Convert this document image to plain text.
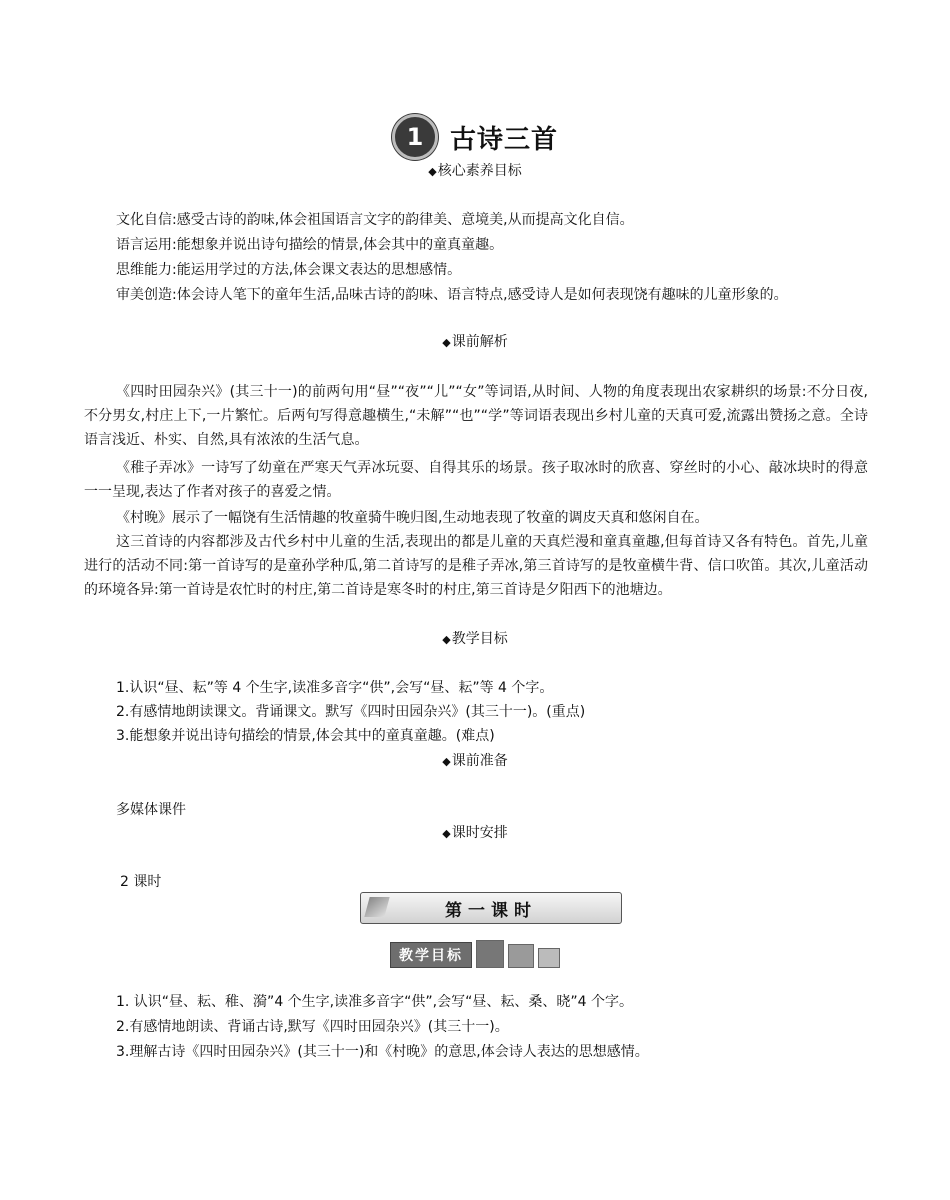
1	古诗三首
◆核心素养目标
文化自信:感受古诗的韵味,体会祖国语言文字的韵律美、意境美,从而提高文化自信。
语言运用:能想象并说出诗句描绘的情景,体会其中的童真童趣。
思维能力:能运用学过的方法,体会课文表达的思想感情。
审美创造:体会诗人笔下的童年生活,品味古诗的韵味、语言特点,感受诗人是如何表现饶有趣味的儿童形象的。
◆课前解析
《四时田园杂兴》(其三十一)的前两句用“昼”“夜”“儿”“女”等词语,从时间、人物的角度表现出农家耕织的场景:不分日夜,不分男女,村庄上下,一片繁忙。后两句写得意趣横生,“未解”“也”“学”等词语表现出乡村儿童的天真可爱,流露出赞扬之意。全诗语言浅近、朴实、自然,具有浓浓的生活气息。
《稚子弄冰》一诗写了幼童在严寒天气弄冰玩耍、自得其乐的场景。孩子取冰时的欣喜、穿丝时的小心、敲冰块时的得意一一呈现,表达了作者对孩子的喜爱之情。
《村晚》展示了一幅饶有生活情趣的牧童骑牛晚归图,生动地表现了牧童的调皮天真和悠闲自在。
这三首诗的内容都涉及古代乡村中儿童的生活,表现出的都是儿童的天真烂漫和童真童趣,但每首诗又各有特色。首先,儿童进行的活动不同:第一首诗写的是童孙学种瓜,第二首诗写的是稚子弄冰,第三首诗写的是牧童横牛背、信口吹笛。其次,儿童活动的环境各异:第一首诗是农忙时的村庄,第二首诗是寒冬时的村庄,第三首诗是夕阳西下的池塘边。
◆教学目标
1.认识“昼、耘”等 4 个生字,读准多音字“供”,会写“昼、耘”等 4 个字。
2.有感情地朗读课文。背诵课文。默写《四时田园杂兴》(其三十一)。(重点)
3.能想象并说出诗句描绘的情景,体会其中的童真童趣。(难点)
◆课前准备
多媒体课件
◆课时安排
2 课时
第一课时
教学目标
1. 认识“昼、耘、稚、漪”4 个生字,读准多音字“供”,会写“昼、耘、桑、晓”4 个字。
2.有感情地朗读、背诵古诗,默写《四时田园杂兴》(其三十一)。
3.理解古诗《四时田园杂兴》(其三十一)和《村晚》的意思,体会诗人表达的思想感情。
